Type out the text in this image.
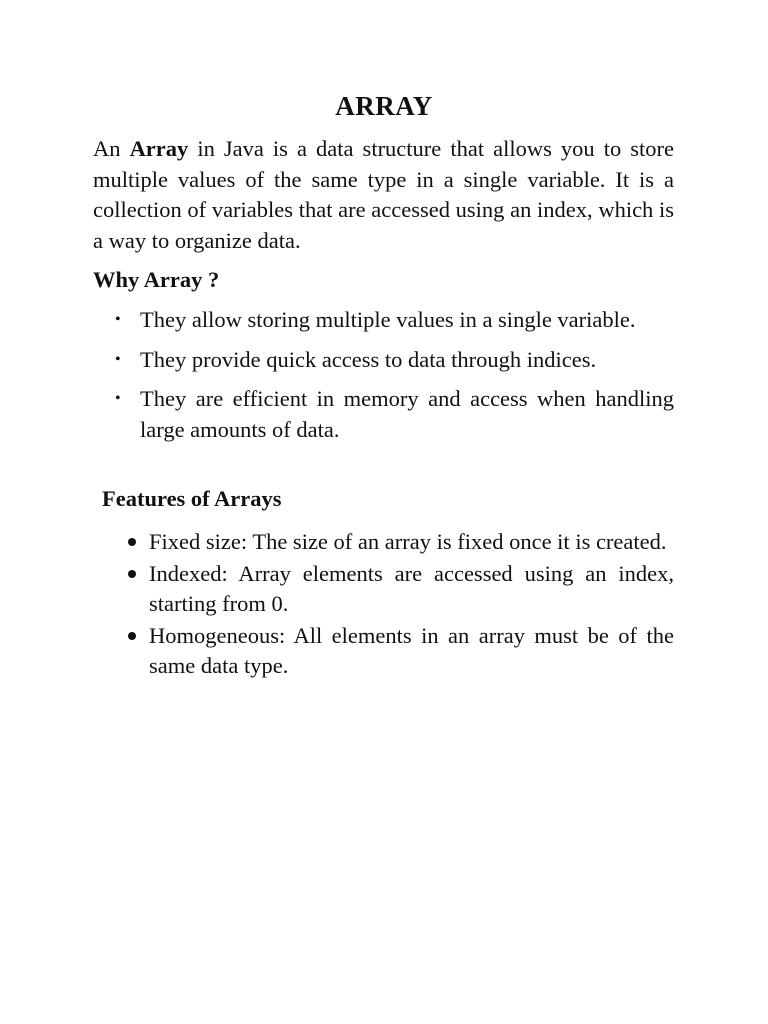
ARRAY

An Array in Java is a data structure that allows you to store multiple values of the same type in a single variable. It is a collection of variables that are accessed using an index, which is a way to organize data.

Why Array ?

• They allow storing multiple values in a single variable.
• They provide quick access to data through indices.
• They are efficient in memory and access when handling large amounts of data.

Features of Arrays

Fixed size: The size of an array is fixed once it is created.
Indexed: Array elements are accessed using an index, starting from 0.
Homogeneous: All elements in an array must be of the same data type.
